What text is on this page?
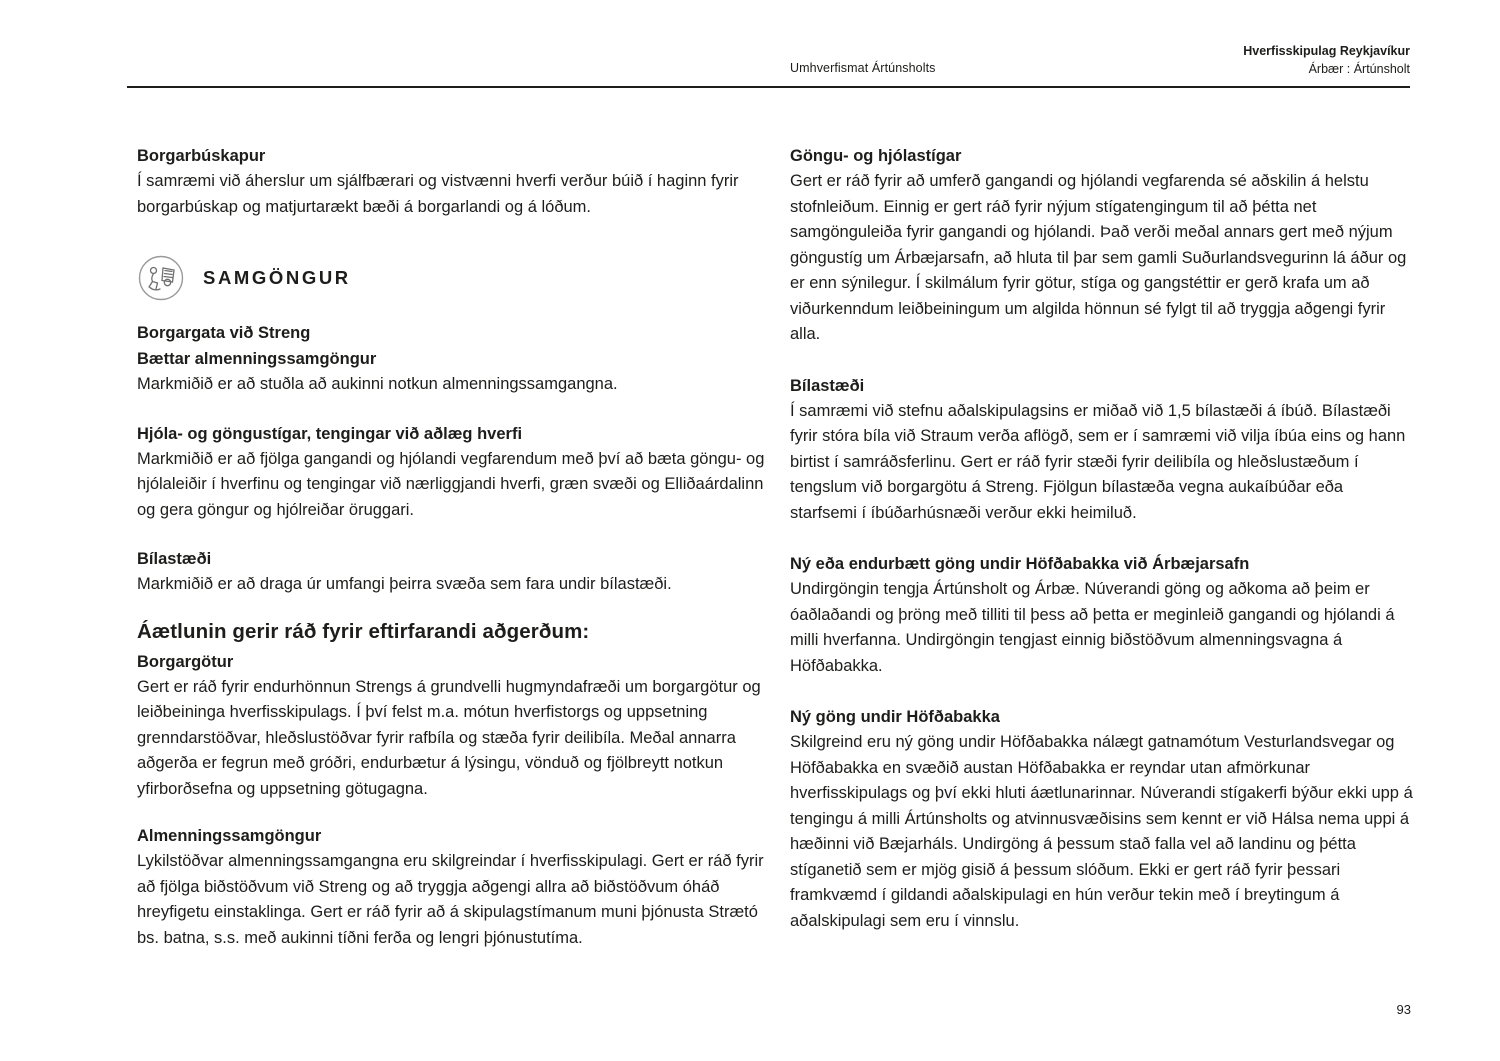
Umhverfismat Ártúnsholts
Hverfisskipulag Reykjavíkur
Árbær : Ártúnsholt
Borgarbúskapur

Í samræmi við áherslur um sjálfbærari og vistvænni hverfi verður búið í haginn fyrir borgarbúskap og matjurtarækt bæði á borgarlandi og á lóðum.

SAMGÖNGUR
Borgargata við Streng
Bættar almenningssamgöngur

Markmiðið er að stuðla að aukinni notkun almenningssamgangna.

Hjóla- og göngustígar, tengingar við aðlæg hverfi

Markmiðið er að fjölga gangandi og hjólandi vegfarendum með því að bæta göngu- og hjólaleiðir í hverfinu og tengingar við nærliggjandi hverfi, græn svæði og Elliðaárdalinn og gera göngur og hjólreiðar öruggari.

Bílastæði

Markmiðið er að draga úr umfangi þeirra svæða sem fara undir bílastæði.

Áætlunin gerir ráð fyrir eftirfarandi aðgerðum:
Borgargötur

Gert er ráð fyrir endurhönnun Strengs á grundvelli hugmyndafræði um borgargötur og leiðbeininga hverfisskipulags. Í því felst m.a. mótun hverfistorgs og uppsetning grenndarstöðvar, hleðslustöðvar fyrir rafbíla og stæða fyrir deilibíla. Meðal annarra aðgerða er fegrun með gróðri, endurbætur á lýsingu, vönduð og fjölbreytt notkun yfirborðsefna og uppsetning götugagna.

Almenningssamgöngur

Lykilstöðvar almenningssamgangna eru skilgreindar í hverfisskipulagi. Gert er ráð fyrir að fjölga biðstöðvum við Streng og að tryggja aðgengi allra að biðstöðvum óháð hreyfigetu einstaklinga. Gert er ráð fyrir að á skipulagstímanum muni þjónusta Strætó bs. batna, s.s. með aukinni tíðni ferða og lengri þjónustutíma.

Göngu- og hjólastígar

Gert er ráð fyrir að umferð gangandi og hjólandi vegfarenda sé aðskilin á helstu stofnleiðum. Einnig er gert ráð fyrir nýjum stígatengingum til að þétta net samgönguleiða fyrir gangandi og hjólandi. Það verði meðal annars gert með nýjum göngustíg um Árbæjarsafn, að hluta til þar sem gamli Suðurlandsvegurinn lá áður og er enn sýnilegur. Í skilmálum fyrir götur, stíga og gangstéttir er gerð krafa um að viðurkenndum leiðbeiningum um algilda hönnun sé fylgt til að tryggja aðgengi fyrir alla.

Bílastæði

Í samræmi við stefnu aðalskipulagsins er miðað við 1,5 bílastæði á íbúð. Bílastæði fyrir stóra bíla við Straum verða aflögð, sem er í samræmi við vilja íbúa eins og hann birtist í samráðsferlinu. Gert er ráð fyrir stæði fyrir deilibíla og hleðslustæðum í tengslum við borgargötu á Streng. Fjölgun bílastæða vegna aukaíbúðar eða starfsemi í íbúðarhúsnæði verður ekki heimiluð.

Ný eða endurbætt göng undir Höfðabakka við Árbæjarsafn

Undirgöngin tengja Ártúnsholt og Árbæ. Núverandi göng og aðkoma að þeim er óaðlaðandi og þröng með tilliti til þess að þetta er meginleið gangandi og hjólandi á milli hverfanna. Undirgöngin tengjast einnig biðstöðvum almenningsvagna á Höfðabakka.

Ný göng undir Höfðabakka

Skilgreind eru ný göng undir Höfðabakka nálægt gatnamótum Vesturlandsvegar og Höfðabakka en svæðið austan Höfðabakka er reyndar utan afmörkunar hverfisskipulags og því ekki hluti áætlunarinnar. Núverandi stígakerfi býður ekki upp á tengingu á milli Ártúnsholts og atvinnusvæðisins sem kennt er við Hálsa nema uppi á hæðinni við Bæjarháls. Undirgöng á þessum stað falla vel að landinu og þétta stíganetið sem er mjög gisið á þessum slóðum. Ekki er gert ráð fyrir þessari framkvæmd í gildandi aðalskipulagi en hún verður tekin með í breytingum á aðalskipulagi sem eru í vinnslu.

93
